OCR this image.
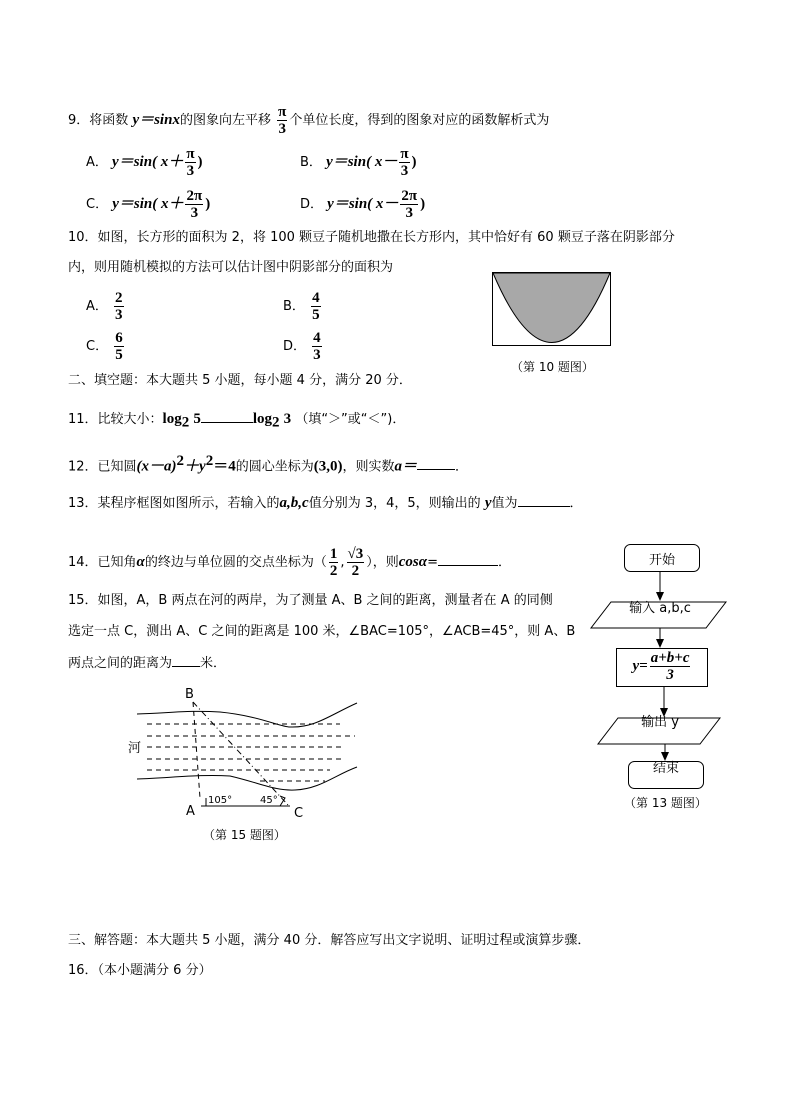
9．将函数 y＝sinx的图象向左平移 $\frac{\pi}{3}$ 个单位长度，得到的图象对应的函数解析式为
A． y＝sin( $x+ \frac{\pi}{3}$ )	B． y＝sin( $x- \frac{\pi}{3}$ )
C． y＝sin( $x+ \frac{2\pi}{3}$ )	D． y＝sin( $x- \frac{2\pi}{3}$ )
10．如图，长方形的面积为 2，将 100 颗豆子随机地撒在长方形内，其中恰好有 60 颗豆子落在阴影部分
内，则用随机模拟的方法可以估计图中阴影部分的面积为
A． $\frac{2}{3}$	B． $\frac{4}{5}$
C． $\frac{6}{5}$	D． $\frac{4}{3}$
（第 10 题图）
二、填空题：本大题共 5 小题，每小题 4 分，满分 20 分．
11．比较大小：$\log_2 5$	$\log_2 3$ （填“＞”或“＜”)．
12．已知圆$(x-a)^2+y^2=4$的圆心坐标为(3,0)，则实数a＝	．
13．某程序框图如图所示，若输入的a,b,c值分别为 3，4，5，则输出的 y值为	．
14．已知角α的终边与单位圆的交点坐标为（ $\frac{1}{2}$ , $\frac{√3}{2}$ ），则cosα=	．
15．如图，A，B 两点在河的两岸，为了测量 A、B 之间的距离，测量者在 A 的同侧
选定一点 C，测出 A、C 之间的距离是 100 米，∠BAC=105°，∠ACB=45°，则 A、B
两点之间的距离为 米．
B
A	C
河
105°	45°
（第 15 题图）
开始
输入 a,b,c
$y= \frac{a+b+c}{3}$
输出 y
结束
（第 13 题图）
三、解答题：本大题共 5 小题，满分 40 分．解答应写出文字说明、证明过程或演算步骤．
16．（本小题满分 6 分）
